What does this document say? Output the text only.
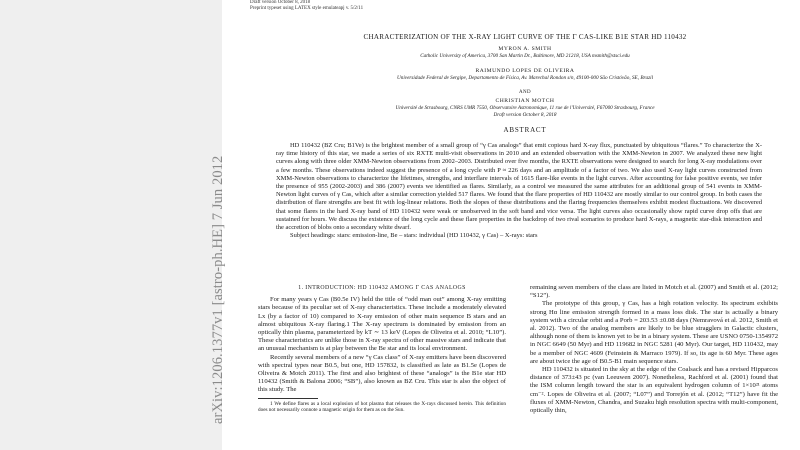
arXiv:1206.1377v1 [astro-ph.HE] 7 Jun 2012
Draft version October 8, 2018
Preprint typeset using LATEX style emulateapj v. 5/2/11
CHARACTERIZATION OF THE X-RAY LIGHT CURVE OF THE Γ CAS-LIKE B1E STAR HD 110432
MYRON A. SMITH
Catholic University of America, 3700 San Martin Dr., Baltimore, MD 21218, USA msmith@stsci.edu
RAIMUNDO LOPES DE OLIVEIRA
Universidade Federal de Sergipe, Departamento de Física, Av. Marechal Rondon s/n, 49100-000 São Cristóvão, SE, Brazil
AND
CHRISTIAN MOTCH
Université de Strasbourg, CNRS UMR 7550, Observatoire Astronomique, 11 rue de l'Université, F67000 Strasbourg, France
Draft version October 8, 2018
ABSTRACT

HD 110432 (BZ Cru; B1Ve) is the brightest member of a small group of “γ Cas analogs” that emit copious hard X-ray flux, punctuated by ubiquitous “flares.” To characterize the X-ray time history of this star, we made a series of six RXTE multi-visit observations in 2010 and an extended observation with the XMM-Newton in 2007. We analyzed these new light curves along with three older XMM-Newton observations from 2002–2003. Distributed over five months, the RXTE observations were designed to search for long X-ray modulations over a few months. These observations indeed suggest the presence of a long cycle with P ≈ 226 days and an amplitude of a factor of two. We also used X-ray light curves constructed from XMM-Newton observations to characterize the lifetimes, strengths, and interflare intervals of 1615 flare-like events in the light curves. After accounting for false positive events, we infer the presence of 955 (2002-2003) and 386 (2007) events we identified as flares. Similarly, as a control we measured the same attributes for an additional group of 541 events in XMM-Newton light curves of γ Cas, which after a similar correction yielded 517 flares. We found that the flare properties of HD 110432 are mostly similar to our control group. In both cases the distribution of flare strengths are best fit with log-linear relations. Both the slopes of these distributions and the flaring frequencies themselves exhibit modest fluctuations. We discovered that some flares in the hard X-ray band of HD 110432 were weak or unobserved in the soft band and vice versa. The light curves also occasionally show rapid curve drop offs that are sustained for hours. We discuss the existence of the long cycle and these flare properties in the backdrop of two rival scenarios to produce hard X-rays, a magnetic star-disk interaction and the accretion of blobs onto a secondary white dwarf.

Subject headings: stars: emission-line, Be – stars: individual (HD 110432, γ Cas) – X-rays: stars

1. INTRODUCTION: HD 110432 AMONG Γ CAS ANALOGS

For many years γ Cas (B0.5e IV) held the title of “odd man out” among X-ray emitting stars because of its peculiar set of X-ray characteristics. These include a moderately elevated Lx (by a factor of 10) compared to X-ray emission of other main sequence B stars and an almost ubiquitous X-ray flaring.1 The X-ray spectrum is dominated by emission from an optically thin plasma, parameterized by kT ∼ 13 keV (Lopes de Oliveira et al. 2010; “L10”). These characteristics are unlike those in X-ray spectra of other massive stars and indicate that an unusual mechanism is at play between the Be star and its local environment.

Recently several members of a new “γ Cas class” of X-ray emitters have been discovered with spectral types near B0.5, but one, HD 157832, is classified as late as B1.5e (Lopes de Oliveira & Motch 2011). The first and also brightest of these “analogs” is the B1e star HD 110432 (Smith & Balona 2006; “SB”), also known as BZ Cru. This star is also the object of this study. The

1 We define flares as a local explosion of hot plasma that releases the X-rays discussed herein. This definition does not necessarily connote a magnetic origin for them as on the Sun.

remaining seven members of the class are listed in Motch et al. (2007) and Smith et al. (2012; “S12”).

The prototype of this group, γ Cas, has a high rotation velocity. Its spectrum exhibits strong Hα line emission strength formed in a mass loss disk. The star is actually a binary system with a circular orbit and a Porb = 203.53 ±0.08 days (Nemravová et al. 2012, Smith et al. 2012). Two of the analog members are likely to be blue stragglers in Galactic clusters, although none of them is known yet to be in a binary system. These are USNO 0750-1354972 in NGC 6649 (50 Myr) and HD 119682 in NGC 5281 (40 Myr). Our target, HD 110432, may be a member of NGC 4609 (Feinstein & Marraco 1979). If so, its age is 60 Myr. These ages are about twice the age of B0.5-B1 main sequence stars.

HD 110432 is situated in the sky at the edge of the Coalsack and has a revised Hipparcos distance of 373±43 pc (van Leeuwen 2007). Nonetheless, Rachford et al. (2001) found that the ISM column length toward the star is an equivalent hydrogen column of 1×10²¹ atoms cm⁻². Lopes de Oliveira et al. (2007; “L07”) and Torrejón et al. (2012; “T12”) have fit the fluxes of XMM-Newton, Chandra, and Suzaku high resolution spectra with multi-component, optically thin,
